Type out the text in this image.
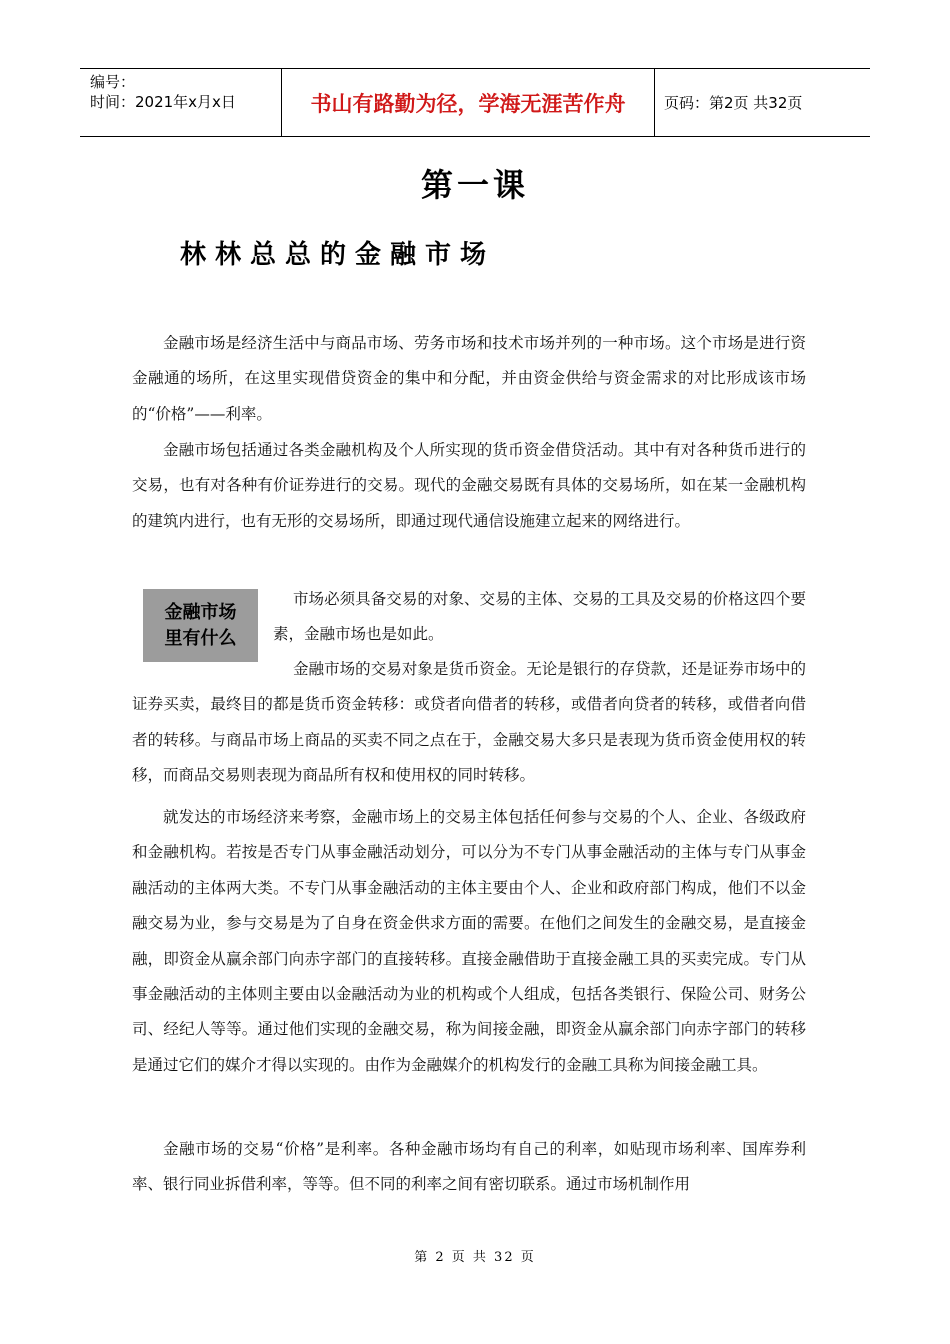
编号：
时间：2021年x月x日	书山有路勤为径，学海无涯苦作舟	页码：第2页 共32页
第一课
林林总总的金融市场

金融市场是经济生活中与商品市场、劳务市场和技术市场并列的一种市场。这个市场是进行资金融通的场所，在这里实现借贷资金的集中和分配，并由资金供给与资金需求的对比形成该市场的“价格”——利率。

金融市场包括通过各类金融机构及个人所实现的货币资金借贷活动。其中有对各种货币进行的交易，也有对各种有价证券进行的交易。现代的金融交易既有具体的交易场所，如在某一金融机构的建筑内进行，也有无形的交易场所，即通过现代通信设施建立起来的网络进行。

金融市场
里有什么

市场必须具备交易的对象、交易的主体、交易的工具及交易的价格这四个要素，金融市场也是如此。

金融市场的交易对象是货币资金。无论是银行的存贷款，还是证券市场中的证券买卖，最终目的都是货币资金转移：或贷者向借者的转移，或借者向贷者的转移，或借者向借者的转移。与商品市场上商品的买卖不同之点在于，金融交易大多只是表现为货币资金使用权的转移，而商品交易则表现为商品所有权和使用权的同时转移。

就发达的市场经济来考察，金融市场上的交易主体包括任何参与交易的个人、企业、各级政府和金融机构。若按是否专门从事金融活动划分，可以分为不专门从事金融活动的主体与专门从事金融活动的主体两大类。不专门从事金融活动的主体主要由个人、企业和政府部门构成，他们不以金融交易为业，参与交易是为了自身在资金供求方面的需要。在他们之间发生的金融交易，是直接金融，即资金从赢余部门向赤字部门的直接转移。直接金融借助于直接金融工具的买卖完成。专门从事金融活动的主体则主要由以金融活动为业的机构或个人组成，包括各类银行、保险公司、财务公司、经纪人等等。通过他们实现的金融交易，称为间接金融，即资金从赢余部门向赤字部门的转移是通过它们的媒介才得以实现的。由作为金融媒介的机构发行的金融工具称为间接金融工具。

金融市场的交易“价格”是利率。各种金融市场均有自己的利率，如贴现市场利率、国库券利率、银行同业拆借利率，等等。但不同的利率之间有密切联系。通过市场机制作用

第 2 页 共 32 页
